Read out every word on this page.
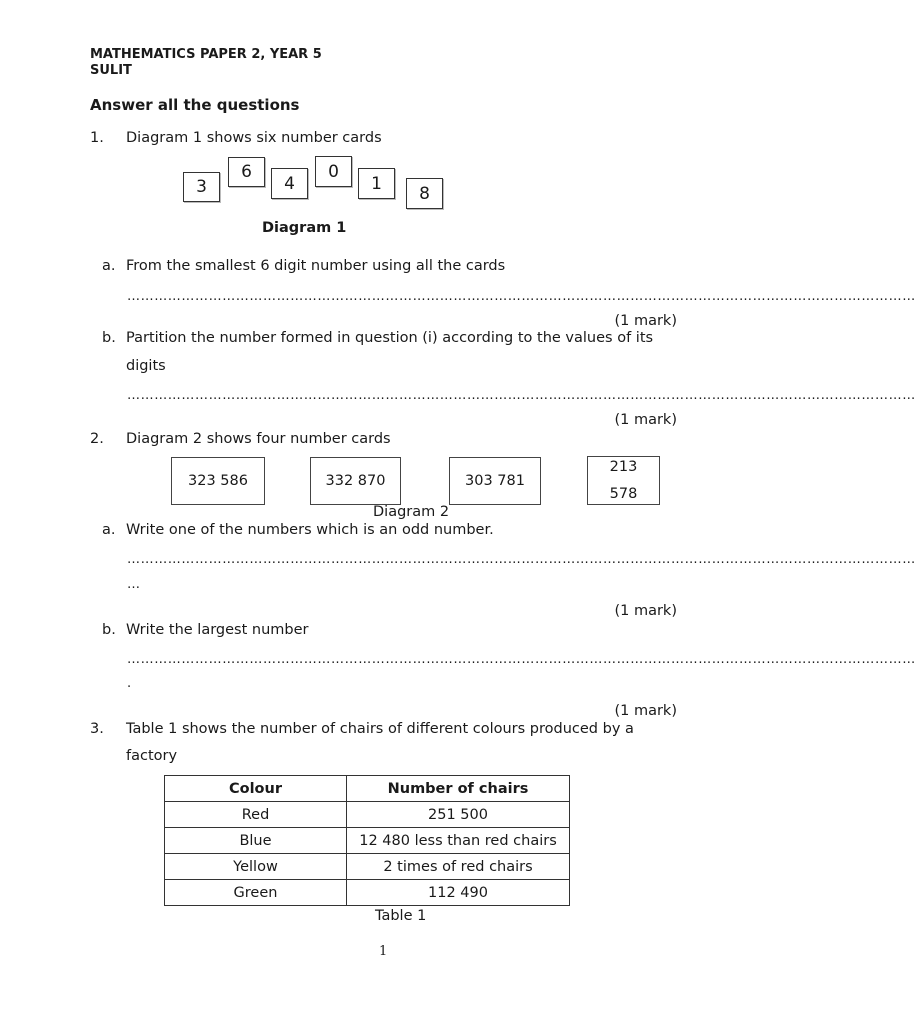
MATHEMATICS PAPER 2, YEAR 5
SULIT
Answer all the questions
1. Diagram 1 shows six number cards
3
6
4
0
1	8
Diagram 1
a. From the smallest 6 digit number using all the cards
…………………………………………………………………………………………………………………………………………………………
(1 mark)
b. Partition the number formed in question (i) according to the values of its
digits
…………………………………………………………………………………………………………………………………………………………
(1 mark)
2. Diagram 2 shows four number cards
323 586	332 870	303 781
213
578
Diagram 2
a. Write one of the numbers which is an odd number.
…………………………………………………………………………………………………………………………………………………………
…
(1 mark)
b. Write the largest number
…………………………………………………………………………………………………………………………………………………………
.
(1 mark)
3. Table 1 shows the number of chairs of different colours produced by a
factory
Colour	Number of chairs
Red	251 500
Blue	12 480 less than red chairs
Yellow	2 times of red chairs
Green	112 490
Table 1
1
